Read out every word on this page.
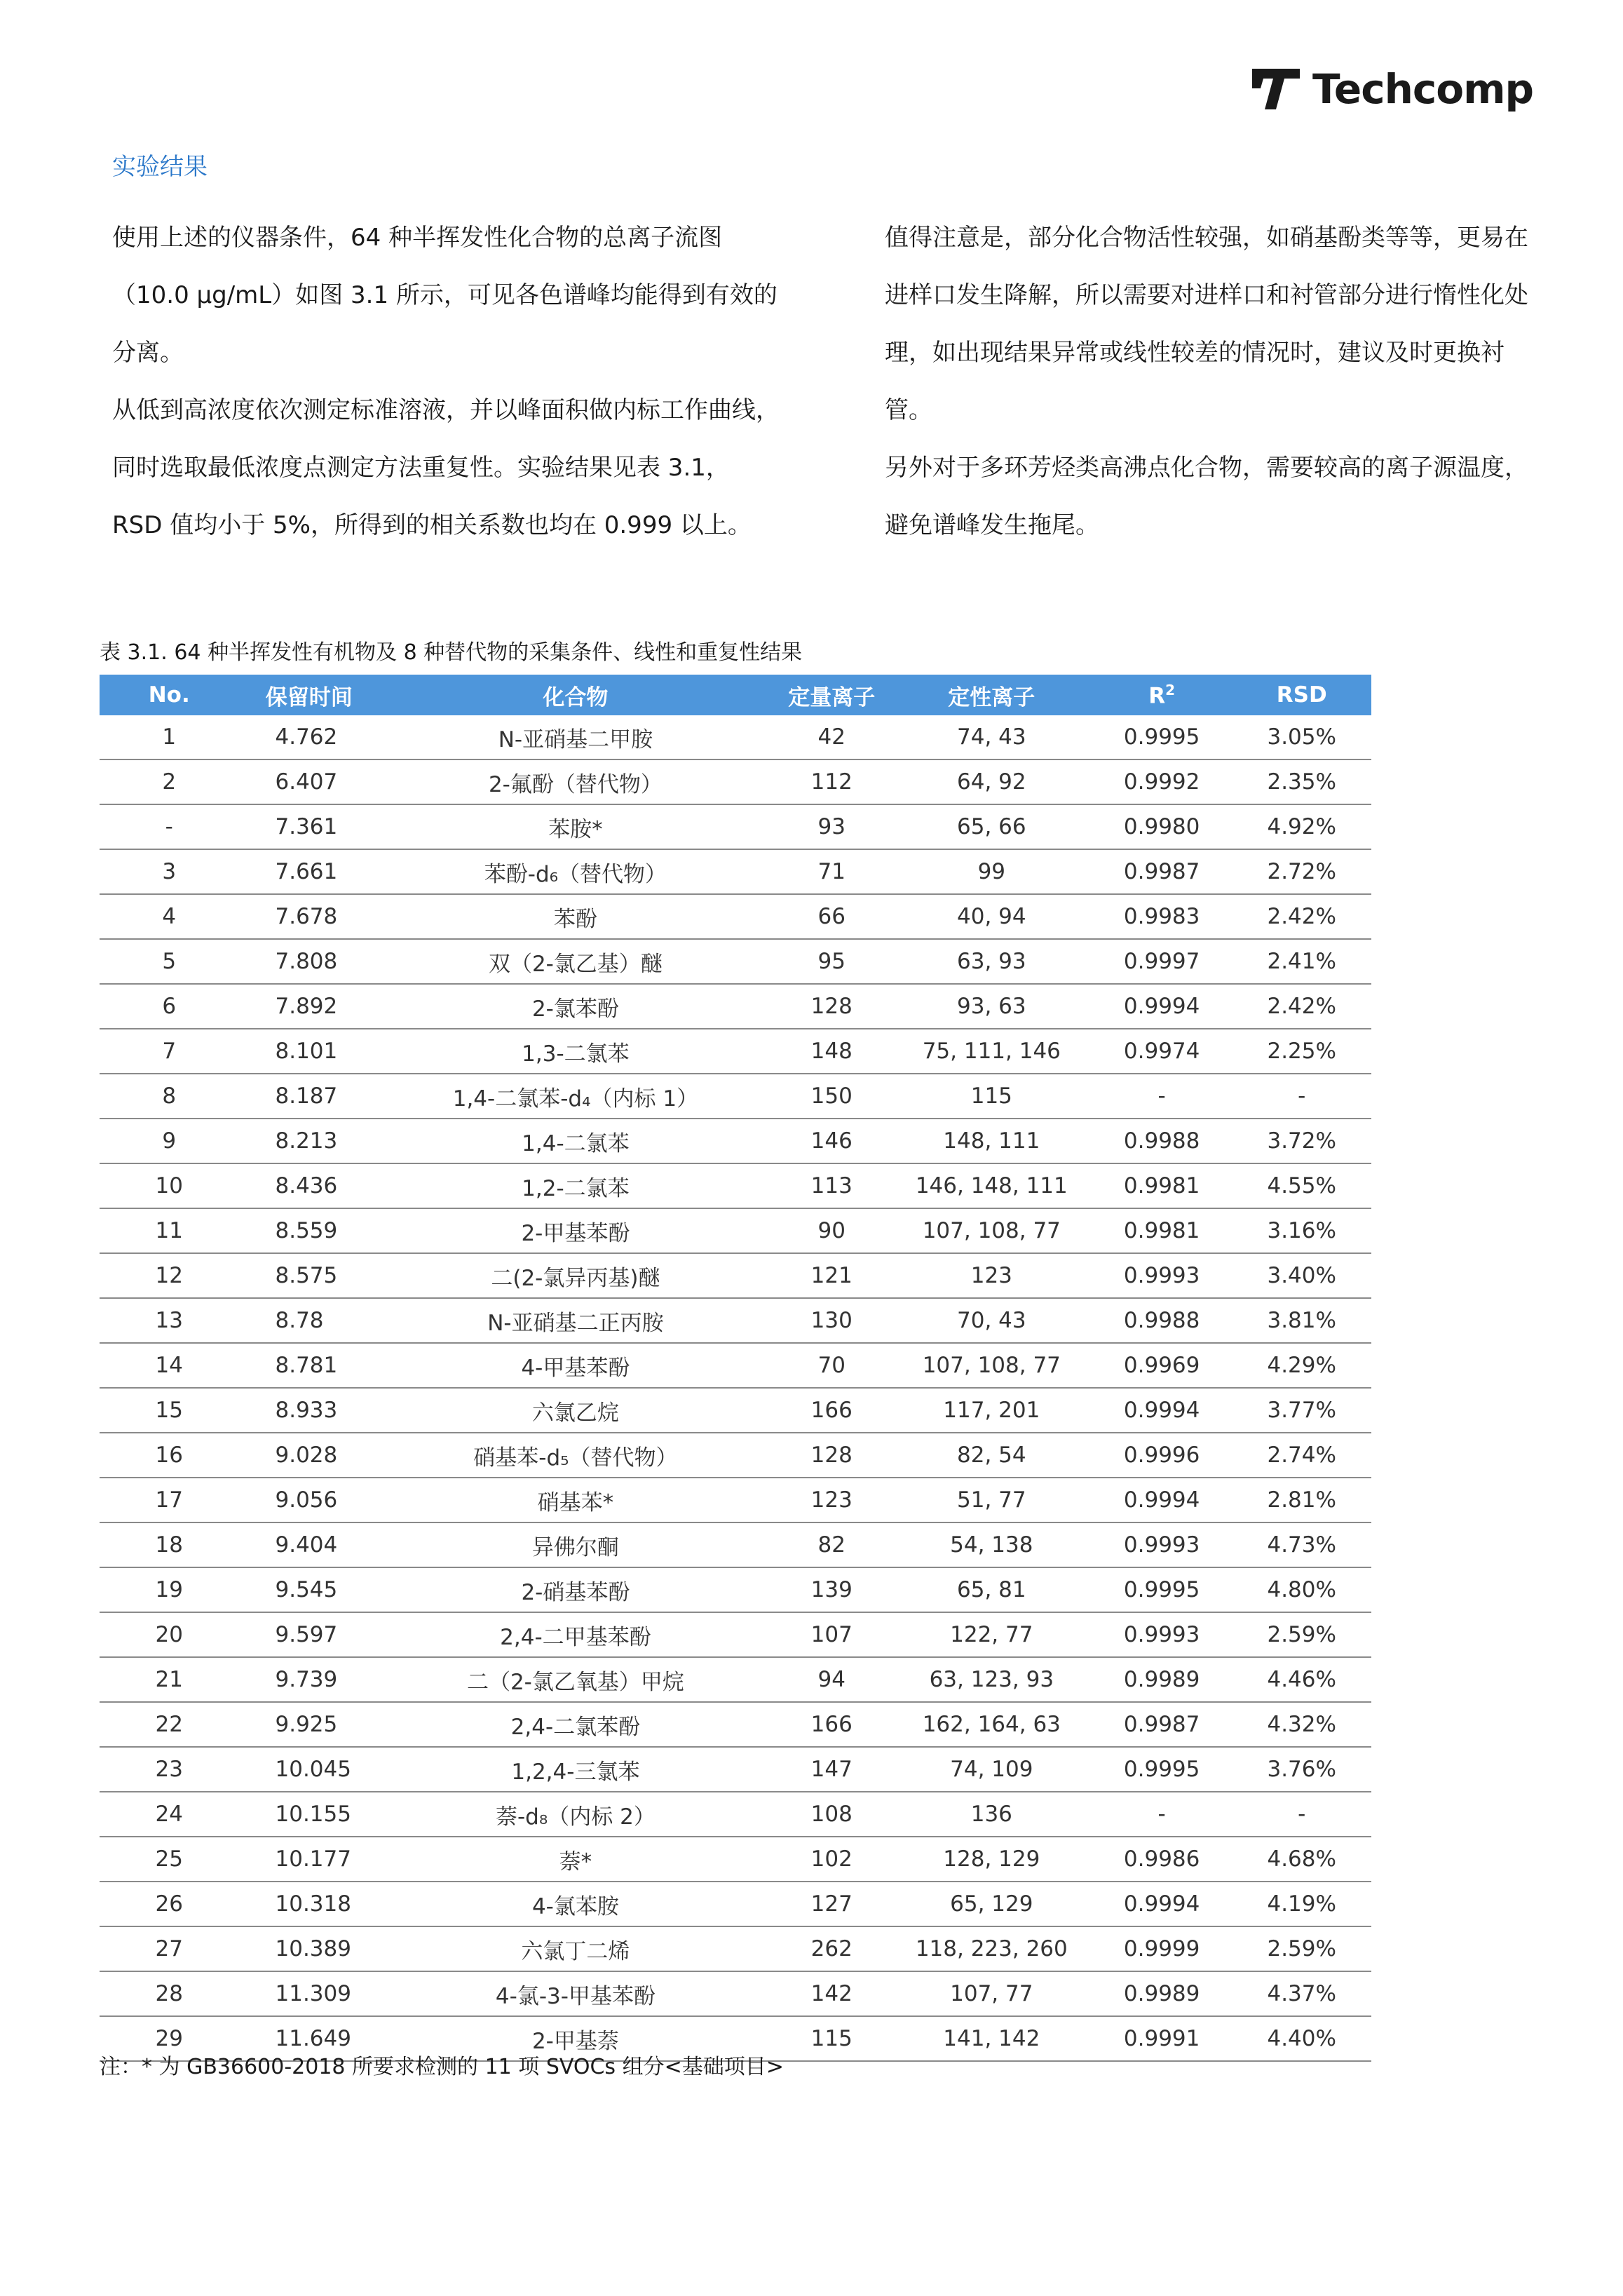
Techcomp
实验结果

使用上述的仪器条件，64 种半挥发性化合物的总离子流图
（10.0 μg/mL）如图 3.1 所示，可见各色谱峰均能得到有效的
分离。

从低到高浓度依次测定标准溶液，并以峰面积做内标工作曲线，
同时选取最低浓度点测定方法重复性。实验结果见表 3.1，
RSD 值均小于 5%，所得到的相关系数也均在 0.999 以上。

值得注意是，部分化合物活性较强，如硝基酚类等等，更易在
进样口发生降解，所以需要对进样口和衬管部分进行惰性化处
理，如出现结果异常或线性较差的情况时，建议及时更换衬管。
另外对于多环芳烃类高沸点化合物，需要较高的离子源温度，
避免谱峰发生拖尾。

表 3.1. 64 种半挥发性有机物及 8 种替代物的采集条件、线性和重复性结果
No.	保留时间	化合物	定量离子	定性离子	$R^2$	RSD
1	4.762	N-亚硝基二甲胺	42	74, 43	0.9995	3.05%
2	6.407	2-氟酚（替代物）	112	64, 92	0.9992	2.35%
-	7.361	苯胺*	93	65, 66	0.9980	4.92%
3	7.661	苯酚-d₆（替代物）	71	99	0.9987	2.72%
4	7.678	苯酚	66	40, 94	0.9983	2.42%
5	7.808	双（2-氯乙基）醚	95	63, 93	0.9997	2.41%
6	7.892	2-氯苯酚	128	93, 63	0.9994	2.42%
7	8.101	1,3-二氯苯	148	75, 111, 146	0.9974	2.25%
8	8.187	1,4-二氯苯-d₄（内标 1）	150	115	-	-
9	8.213	1,4-二氯苯	146	148, 111	0.9988	3.72%
10	8.436	1,2-二氯苯	113	146, 148, 111	0.9981	4.55%
11	8.559	2-甲基苯酚	90	107, 108, 77	0.9981	3.16%
12	8.575	二(2-氯异丙基)醚	121	123	0.9993	3.40%
13	8.78	N-亚硝基二正丙胺	130	70, 43	0.9988	3.81%
14	8.781	4-甲基苯酚	70	107, 108, 77	0.9969	4.29%
15	8.933	六氯乙烷	166	117, 201	0.9994	3.77%
16	9.028	硝基苯-d₅（替代物）	128	82, 54	0.9996	2.74%
17	9.056	硝基苯*	123	51, 77	0.9994	2.81%
18	9.404	异佛尔酮	82	54, 138	0.9993	4.73%
19	9.545	2-硝基苯酚	139	65, 81	0.9995	4.80%
20	9.597	2,4-二甲基苯酚	107	122, 77	0.9993	2.59%
21	9.739	二（2-氯乙氧基）甲烷	94	63, 123, 93	0.9989	4.46%
22	9.925	2,4-二氯苯酚	166	162, 164, 63	0.9987	4.32%
23	10.045	1,2,4-三氯苯	147	74, 109	0.9995	3.76%
24	10.155	萘-d₈（内标 2）	108	136	-	-
25	10.177	萘*	102	128, 129	0.9986	4.68%
26	10.318	4-氯苯胺	127	65, 129	0.9994	4.19%
27	10.389	六氯丁二烯	262	118, 223, 260	0.9999	2.59%
28	11.309	4-氯-3-甲基苯酚	142	107, 77	0.9989	4.37%
29	11.649	2-甲基萘	115	141, 142	0.9991	4.40%
注：* 为 GB36600-2018 所要求检测的 11 项 SVOCs 组分<基础项目>
